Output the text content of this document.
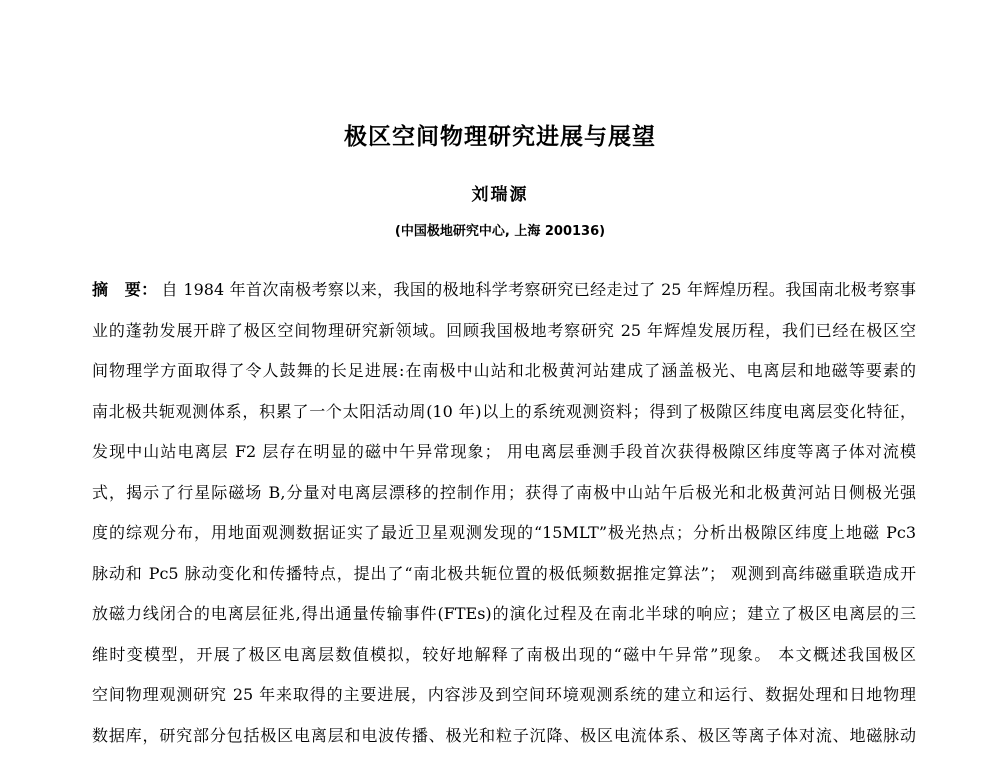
极区空间物理研究进展与展望
刘瑞源
(中国极地研究中心, 上海 200136)
摘　要： 自 1984 年首次南极考察以来，我国的极地科学考察研究已经走过了 25 年辉煌历程。我国南北极考察事
业的蓬勃发展开辟了极区空间物理研究新领域。回顾我国极地考察研究 25 年辉煌发展历程，我们已经在极区空
间物理学方面取得了令人鼓舞的长足进展:在南极中山站和北极黄河站建成了涵盖极光、电离层和地磁等要素的
南北极共轭观测体系，积累了一个太阳活动周(10 年)以上的系统观测资料；得到了极隙区纬度电离层变化特征，
发现中山站电离层 F2 层存在明显的磁中午异常现象； 用电离层垂测手段首次获得极隙区纬度等离子体对流模
式，揭示了行星际磁场 B,分量对电离层漂移的控制作用；获得了南极中山站午后极光和北极黄河站日侧极光强
度的综观分布，用地面观测数据证实了最近卫星观测发现的“15MLT”极光热点；分析出极隙区纬度上地磁 Pc3
脉动和 Pc5 脉动变化和传播特点，提出了“南北极共轭位置的极低频数据推定算法”； 观测到高纬磁重联造成开
放磁力线闭合的电离层征兆,得出通量传输事件(FTEs)的演化过程及在南北半球的响应；建立了极区电离层的三
维时变模型，开展了极区电离层数值模拟，较好地解释了南极出现的“磁中午异常”现象。 本文概述我国极区
空间物理观测研究 25 年来取得的主要进展，内容涉及到空间环境观测系统的建立和运行、数据处理和日地物理
数据库，研究部分包括极区电离层和电波传播、极光和粒子沉降、极区电流体系、极区等离子体对流、地磁脉动
